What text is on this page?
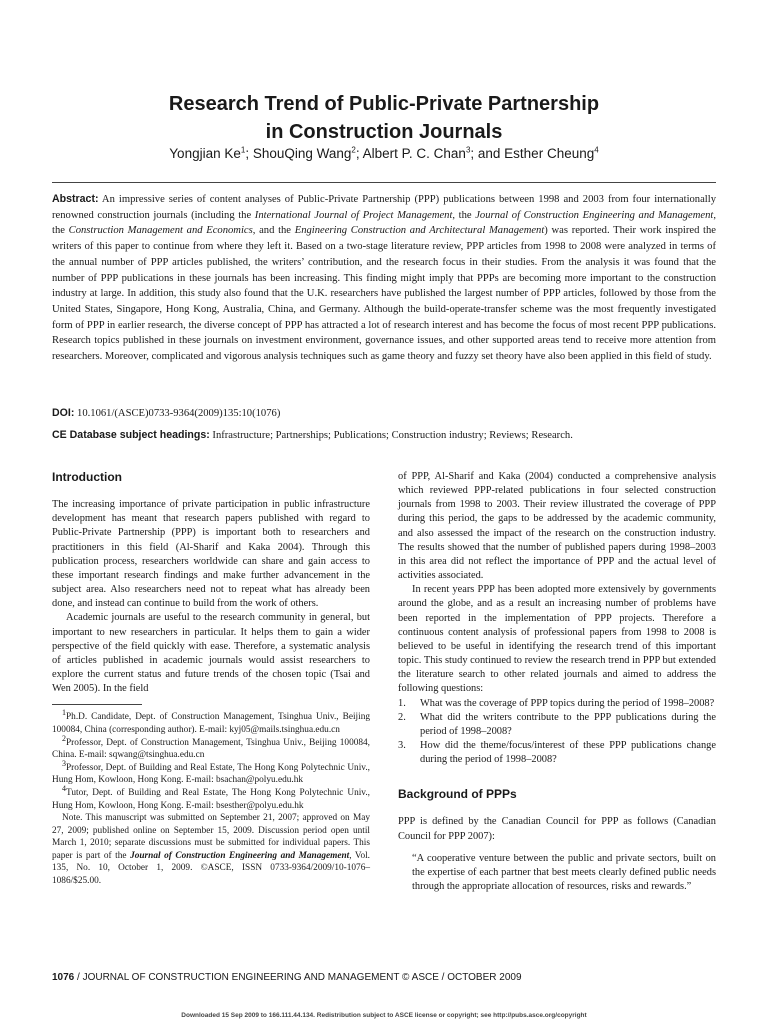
Research Trend of Public-Private Partnership
in Construction Journals
Yongjian Ke$^1$; ShouQing Wang$^2$; Albert P. C. Chan$^3$; and Esther Cheung$^4$

Abstract: An impressive series of content analyses of Public-Private Partnership (PPP) publications between 1998 and 2003 from four internationally renowned construction journals (including the International Journal of Project Management, the Journal of Construction Engineering and Management, the Construction Management and Economics, and the Engineering Construction and Architectural Management) was reported. Their work inspired the writers of this paper to continue from where they left it. Based on a two-stage literature review, PPP articles from 1998 to 2008 were analyzed in terms of the annual number of PPP articles published, the writers’ contribution, and the research focus in their studies. From the analysis it was found that the number of PPP publications in these journals has been increasing. This finding might imply that PPPs are becoming more important to the construction industry at large. In addition, this study also found that the U.K. researchers have published the largest number of PPP articles, followed by those from the United States, Singapore, Hong Kong, Australia, China, and Germany. Although the build-operate-transfer scheme was the most frequently investigated form of PPP in earlier research, the diverse concept of PPP has attracted a lot of research interest and has become the focus of most recent PPP publications. Research topics published in these journals on investment environment, governance issues, and other supported areas tend to receive more attention from researchers. Moreover, complicated and vigorous analysis techniques such as game theory and fuzzy set theory have also been applied in this field of study.

DOI: 10.1061/(ASCE)0733-9364(2009)135:10(1076)
CE Database subject headings: Infrastructure; Partnerships; Publications; Construction industry; Reviews; Research.
Introduction

The increasing importance of private participation in public infrastructure development has meant that research papers published with regard to Public-Private Partnership (PPP) is important both to researchers and practitioners in this field (Al-Sharif and Kaka 2004). Through this publication process, researchers worldwide can share and gain access to these important research findings and make further advancement in the subject area. Also researchers need not to repeat what has already been done, and instead can continue to build from the work of others.

Academic journals are useful to the research community in general, but important to new researchers in particular. It helps them to gain a wider perspective of the field quickly with ease. Therefore, a systematic analysis of articles published in academic journals would assist researchers to explore the current status and future trends of the chosen topic (Tsai and Wen 2005). In the field

$^1$Ph.D. Candidate, Dept. of Construction Management, Tsinghua Univ., Beijing 100084, China (corresponding author). E-mail: kyj05@mails.tsinghua.edu.cn

$^2$Professor, Dept. of Construction Management, Tsinghua Univ., Beijing 100084, China. E-mail: sqwang@tsinghua.edu.cn

$^3$Professor, Dept. of Building and Real Estate, The Hong Kong Polytechnic Univ., Hung Hom, Kowloon, Hong Kong. E-mail: bsachan@polyu.edu.hk

$^4$Tutor, Dept. of Building and Real Estate, The Hong Kong Polytechnic Univ., Hung Hom, Kowloon, Hong Kong. E-mail: bsesther@polyu.edu.hk

Note. This manuscript was submitted on September 21, 2007; approved on May 27, 2009; published online on September 15, 2009. Discussion period open until March 1, 2010; separate discussions must be submitted for individual papers. This paper is part of the Journal of Construction Engineering and Management, Vol. 135, No. 10, October 1, 2009. ©ASCE, ISSN 0733-9364/2009/10-1076–1086/$25.00.

of PPP, Al-Sharif and Kaka (2004) conducted a comprehensive analysis which reviewed PPP-related publications in four selected construction journals from 1998 to 2003. Their review illustrated the coverage of PPP during this period, the gaps to be addressed by the academic community, and also assessed the impact of the research on the construction industry. The results showed that the number of published papers during 1998–2003 in this area did not reflect the importance of PPP and the actual level of activities associated.

In recent years PPP has been adopted more extensively by governments around the globe, and as a result an increasing number of problems have been reported in the implementation of PPP projects. Therefore a continuous content analysis of professional papers from 1998 to 2008 is believed to be useful in identifying the research trend of this important topic. This study continued to review the research trend in PPP but extended the literature search to other related journals and aimed to address the following questions:

1. What was the coverage of PPP topics during the period of 1998–2008?
2. What did the writers contribute to the PPP publications during the period of 1998–2008?
3. How did the theme/focus/interest of these PPP publications change during the period of 1998–2008?
Background of PPPs

PPP is defined by the Canadian Council for PPP as follows (Canadian Council for PPP 2007):

“A cooperative venture between the public and private sectors, built on the expertise of each partner that best meets clearly defined public needs through the appropriate allocation of resources, risks and rewards.”
1076 / JOURNAL OF CONSTRUCTION ENGINEERING AND MANAGEMENT © ASCE / OCTOBER 2009
Downloaded 15 Sep 2009 to 166.111.44.134. Redistribution subject to ASCE license or copyright; see http://pubs.asce.org/copyright
